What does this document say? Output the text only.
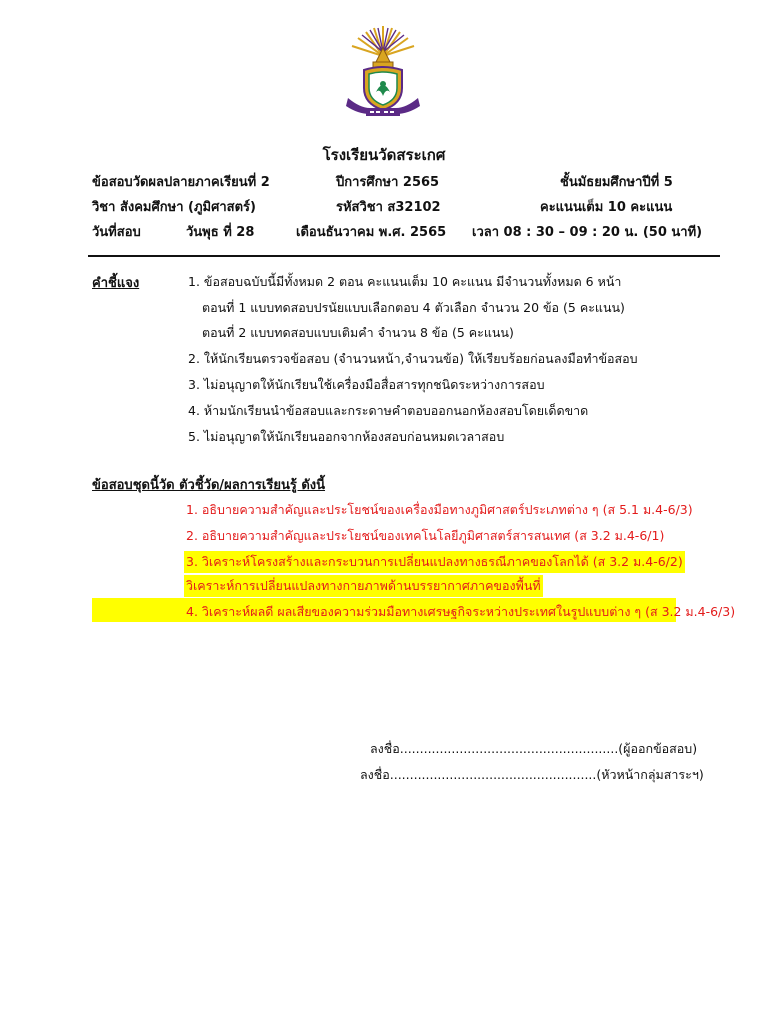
โรงเรียนวัดสระเกศ
ข้อสอบวัดผลปลายภาคเรียนที่ 2	ปีการศึกษา 2565	ชั้นมัธยมศึกษาปีที่ 5
วิชา สังคมศึกษา (ภูมิศาสตร์)	รหัสวิชา ส32102	คะแนนเต็ม 10 คะแนน
วันที่สอบ	วันพุธ ที่ 28	เดือนธันวาคม พ.ศ. 2565 เวลา 08 : 30 – 09 : 20 น. (50 นาที)
คำชี้แจง	1. ข้อสอบฉบับนี้มีทั้งหมด 2 ตอน คะแนนเต็ม 10 คะแนน มีจำนวนทั้งหมด 6 หน้า
ตอนที่ 1 แบบทดสอบปรนัยแบบเลือกตอบ 4 ตัวเลือก จำนวน 20 ข้อ (5 คะแนน)
ตอนที่ 2 แบบทดสอบแบบเติมคำ จำนวน 8 ข้อ (5 คะแนน)
2. ให้นักเรียนตรวจข้อสอบ (จำนวนหน้า,จำนวนข้อ) ให้เรียบร้อยก่อนลงมือทำข้อสอบ
3. ไม่อนุญาตให้นักเรียนใช้เครื่องมือสื่อสารทุกชนิดระหว่างการสอบ
4. ห้ามนักเรียนนำข้อสอบและกระดาษคำตอบออกนอกห้องสอบโดยเด็ดขาด
5. ไม่อนุญาตให้นักเรียนออกจากห้องสอบก่อนหมดเวลาสอบ
ข้อสอบชุดนี้วัด ตัวชี้วัด/ผลการเรียนรู้ ดังนี้
1. อธิบายความสำคัญและประโยชน์ของเครื่องมือทางภูมิศาสตร์ประเภทต่าง ๆ (ส 5.1 ม.4-6/3)
2. อธิบายความสำคัญและประโยชน์ของเทคโนโลยีภูมิศาสตร์สารสนเทศ (ส 3.2 ม.4-6/1)
3. วิเคราะห์โครงสร้างและกระบวนการเปลี่ยนแปลงทางธรณีภาคของโลกได้ (ส 3.2 ม.4-6/2)
วิเคราะห์การเปลี่ยนแปลงทางกายภาพด้านบรรยากาศภาคของพื้นที่
4. วิเคราะห์ผลดี ผลเสียของความร่วมมือทางเศรษฐกิจระหว่างประเทศในรูปแบบต่าง ๆ (ส 3.2 ม.4-6/3)
ลงชื่อ.......................................................(ผู้ออกข้อสอบ)
ลงชื่อ....................................................(หัวหน้ากลุ่มสาระฯ)
